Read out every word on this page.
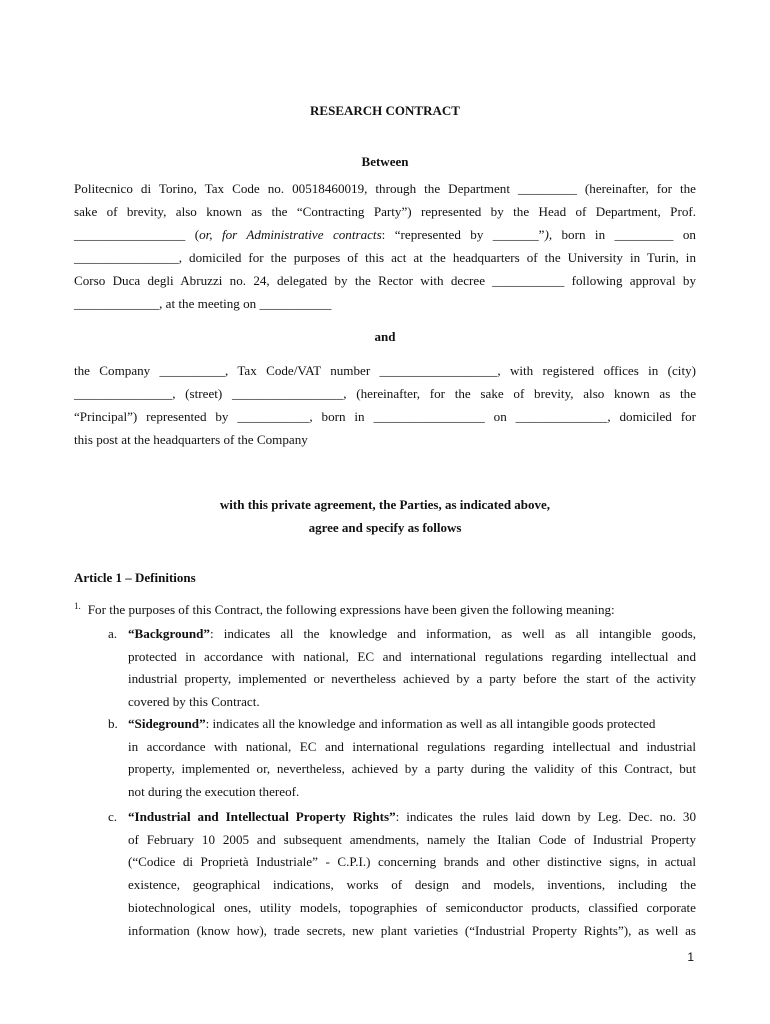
RESEARCH CONTRACT
Between
Politecnico di Torino, Tax Code no. 00518460019, through the Department _________ (hereinafter, for the
sake of brevity, also known as the “Contracting Party”) represented by the Head of Department, Prof.
_________________ (or, for Administrative contracts: “represented by _______”), born in _________ on
________________, domiciled for the purposes of this act at the headquarters of the University in Turin, in
Corso Duca degli Abruzzi no. 24, delegated by the Rector with decree ___________ following approval by
_____________, at the meeting on ___________
and
the Company __________, Tax Code/VAT number __________________, with registered offices in (city)
_______________, (street) _________________, (hereinafter, for the sake of brevity, also known as the
“Principal”) represented by ___________, born in _________________ on ______________, domiciled for
this post at the headquarters of the Company
with this private agreement, the Parties, as indicated above,
agree and specify as follows
Article 1 – Definitions
$^{1.}$ For the purposes of this Contract, the following expressions have been given the following meaning:
a. “Background”: indicates all the knowledge and information, as well as all intangible goods,
protected in accordance with national, EC and international regulations regarding intellectual and
industrial property, implemented or nevertheless achieved by a party before the start of the activity
covered by this Contract.
b. “Sideground”: indicates all the knowledge and information as well as all intangible goods protected
in accordance with national, EC and international regulations regarding intellectual and industrial
property, implemented or, nevertheless, achieved by a party during the validity of this Contract, but
not during the execution thereof.
c. “Industrial and Intellectual Property Rights”: indicates the rules laid down by Leg. Dec. no. 30
of February 10 2005 and subsequent amendments, namely the Italian Code of Industrial Property
(“Codice di Proprietà Industriale” - C.P.I.) concerning brands and other distinctive signs, in actual
existence, geographical indications, works of design and models, inventions, including the
biotechnological ones, utility models, topographies of semiconductor products, classified corporate
information (know how), trade secrets, new plant varieties (“Industrial Property Rights”), as well as
1
